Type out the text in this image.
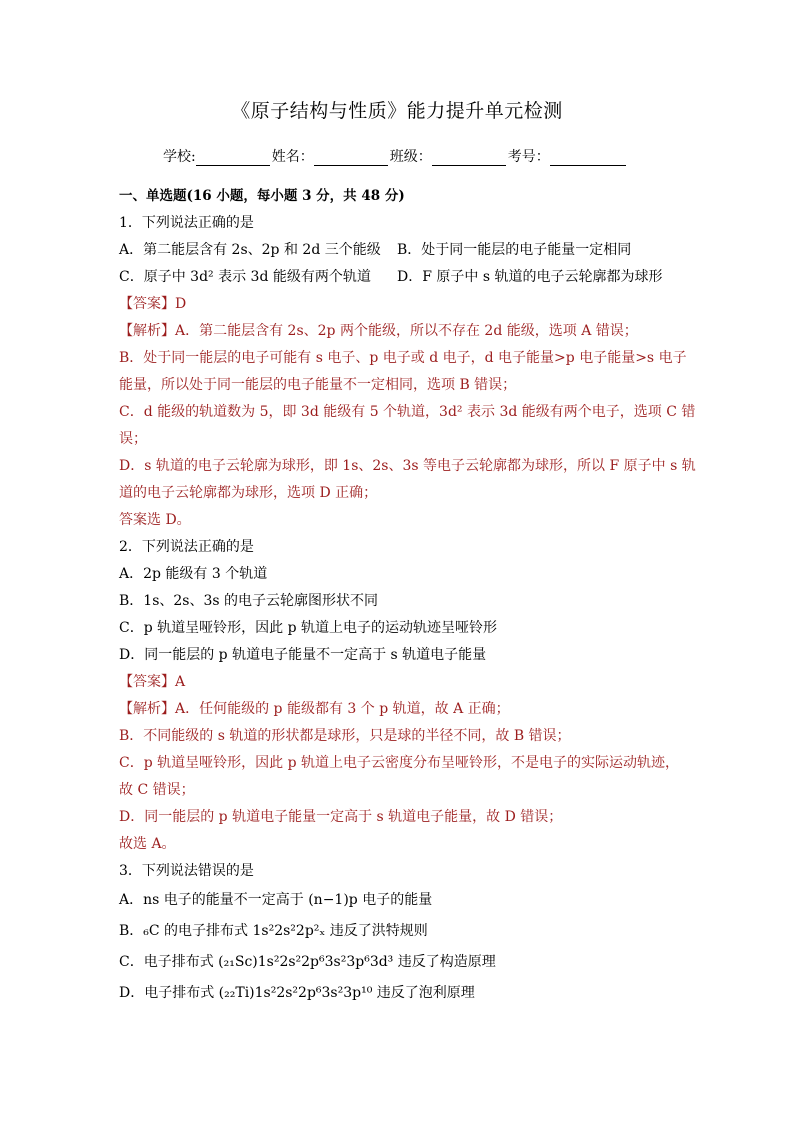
《原子结构与性质》能力提升单元检测
学校:	姓名：	班级：	考号：
一、单选题(16 小题，每小题 3 分，共 48 分)
1．下列说法正确的是
A．第二能层含有 2s、2p 和 2d 三个能级	B．处于同一能层的电子能量一定相同
C．原子中 3d² 表示 3d 能级有两个轨道	D．F 原子中 s 轨道的电子云轮廓都为球形
【答案】D
【解析】A．第二能层含有 2s、2p 两个能级，所以不存在 2d 能级，选项 A 错误；
B．处于同一能层的电子可能有 s 电子、p 电子或 d 电子，d 电子能量>p 电子能量>s 电子
能量，所以处于同一能层的电子能量不一定相同，选项 B 错误；
C．d 能级的轨道数为 5，即 3d 能级有 5 个轨道，3d² 表示 3d 能级有两个电子，选项 C 错
误；
D．s 轨道的电子云轮廓为球形，即 1s、2s、3s 等电子云轮廓都为球形，所以 F 原子中 s 轨
道的电子云轮廓都为球形，选项 D 正确；
答案选 D。
2．下列说法正确的是
A．2p 能级有 3 个轨道
B．1s、2s、3s 的电子云轮廓图形状不同
C．p 轨道呈哑铃形，因此 p 轨道上电子的运动轨迹呈哑铃形
D．同一能层的 p 轨道电子能量不一定高于 s 轨道电子能量
【答案】A
【解析】A．任何能级的 p 能级都有 3 个 p 轨道，故 A 正确；
B．不同能级的 s 轨道的形状都是球形，只是球的半径不同，故 B 错误；
C．p 轨道呈哑铃形，因此 p 轨道上电子云密度分布呈哑铃形，不是电子的实际运动轨迹，
故 C 错误；
D．同一能层的 p 轨道电子能量一定高于 s 轨道电子能量，故 D 错误；
故选 A。
3．下列说法错误的是
A．ns 电子的能量不一定高于 (n−1)p 电子的能量
B．₆C 的电子排布式 1s²2s²2p²ₓ 违反了洪特规则
C．电子排布式 (₂₁Sc)1s²2s²2p⁶3s²3p⁶3d³ 违反了构造原理
D．电子排布式 (₂₂Ti)1s²2s²2p⁶3s²3p¹⁰ 违反了泡利原理
